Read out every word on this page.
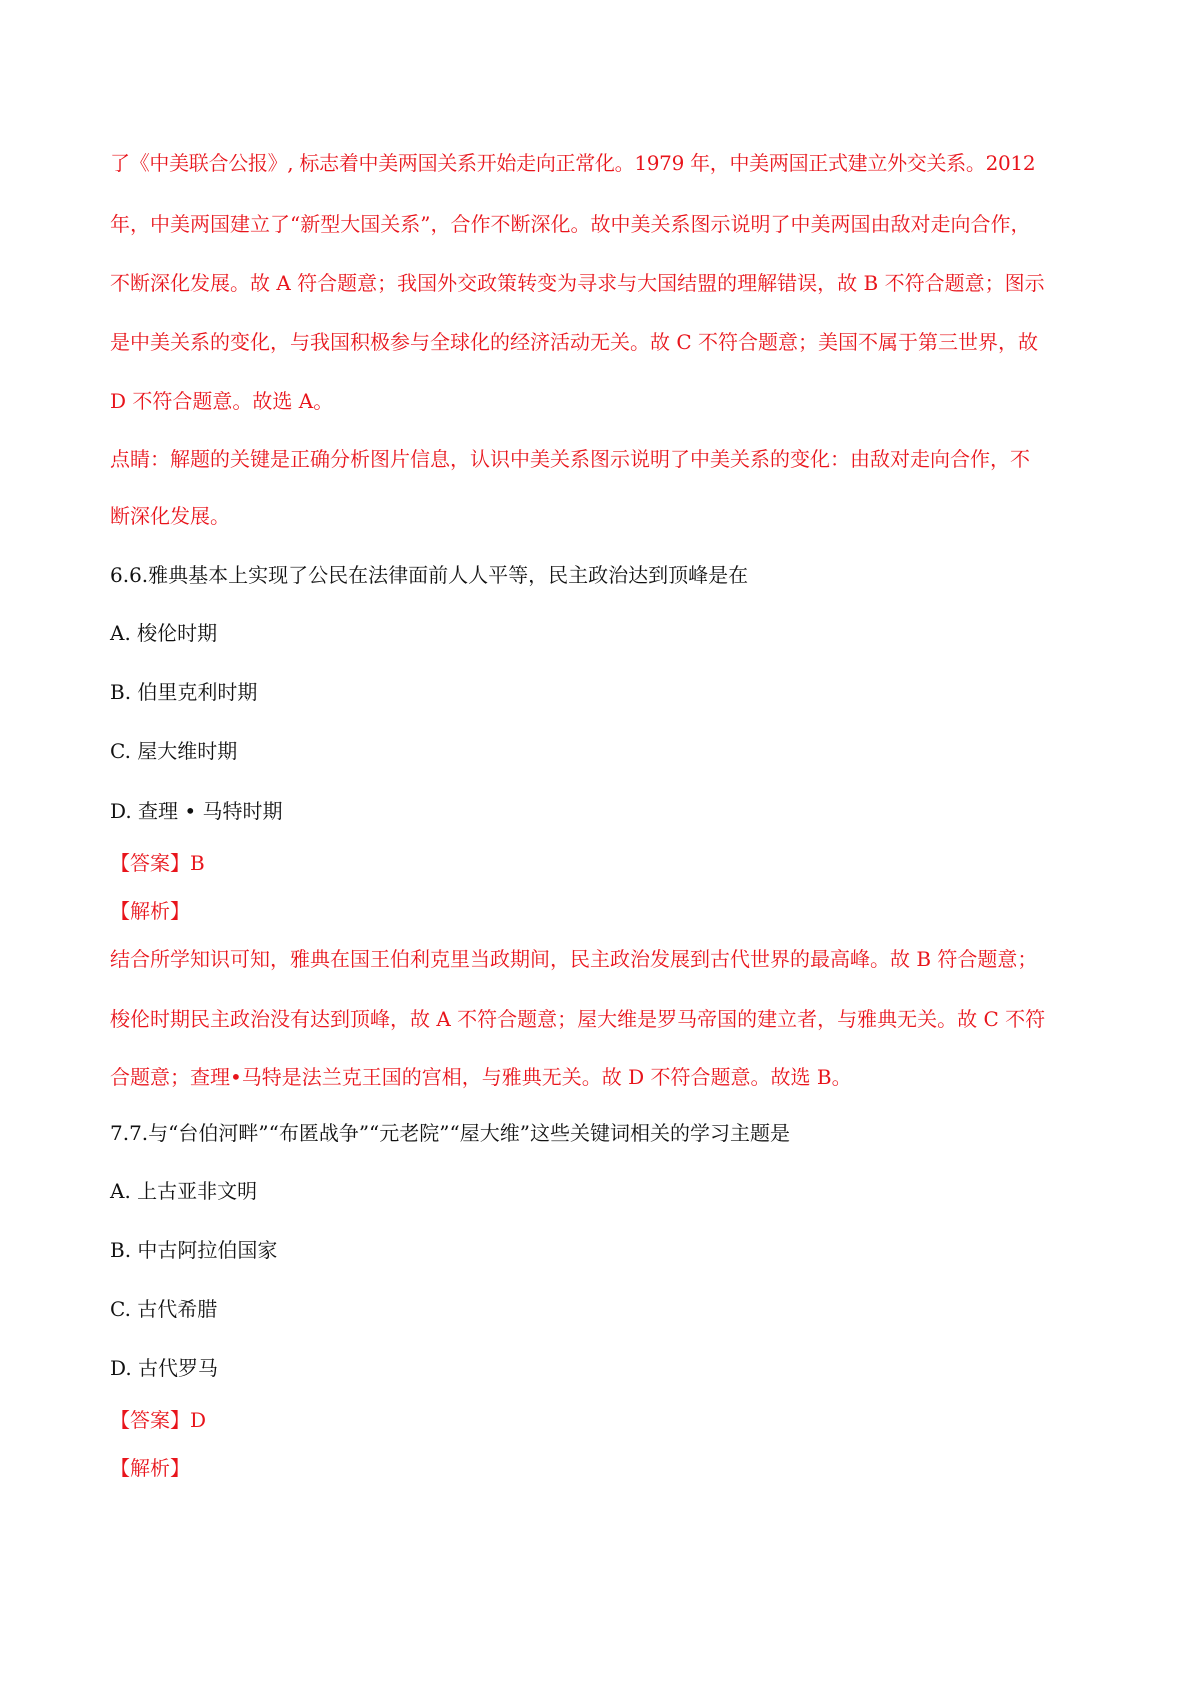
了《中美联合公报》, 标志着中美两国关系开始走向正常化。1979 年，中美两国正式建立外交关系。2012
年，中美两国建立了“新型大国关系”，合作不断深化。故中美关系图示说明了中美两国由敌对走向合作，
不断深化发展。故 A 符合题意；我国外交政策转变为寻求与大国结盟的理解错误，故 B 不符合题意；图示
是中美关系的变化，与我国积极参与全球化的经济活动无关。故 C 不符合题意；美国不属于第三世界，故
D 不符合题意。故选 A。
点睛：解题的关键是正确分析图片信息，认识中美关系图示说明了中美关系的变化：由敌对走向合作，不
断深化发展。
6.6.雅典基本上实现了公民在法律面前人人平等，民主政治达到顶峰是在
A. 梭伦时期
B. 伯里克利时期
C. 屋大维时期
D. 查理 • 马特时期
【答案】B
【解析】
结合所学知识可知，雅典在国王伯利克里当政期间，民主政治发展到古代世界的最高峰。故 B 符合题意；
梭伦时期民主政治没有达到顶峰，故 A 不符合题意；屋大维是罗马帝国的建立者，与雅典无关。故 C 不符
合题意；查理•马特是法兰克王国的宫相，与雅典无关。故 D 不符合题意。故选 B。
7.7.与“台伯河畔”“布匿战争”“元老院”“屋大维”这些关键词相关的学习主题是
A. 上古亚非文明
B. 中古阿拉伯国家
C. 古代希腊
D. 古代罗马
【答案】D
【解析】
